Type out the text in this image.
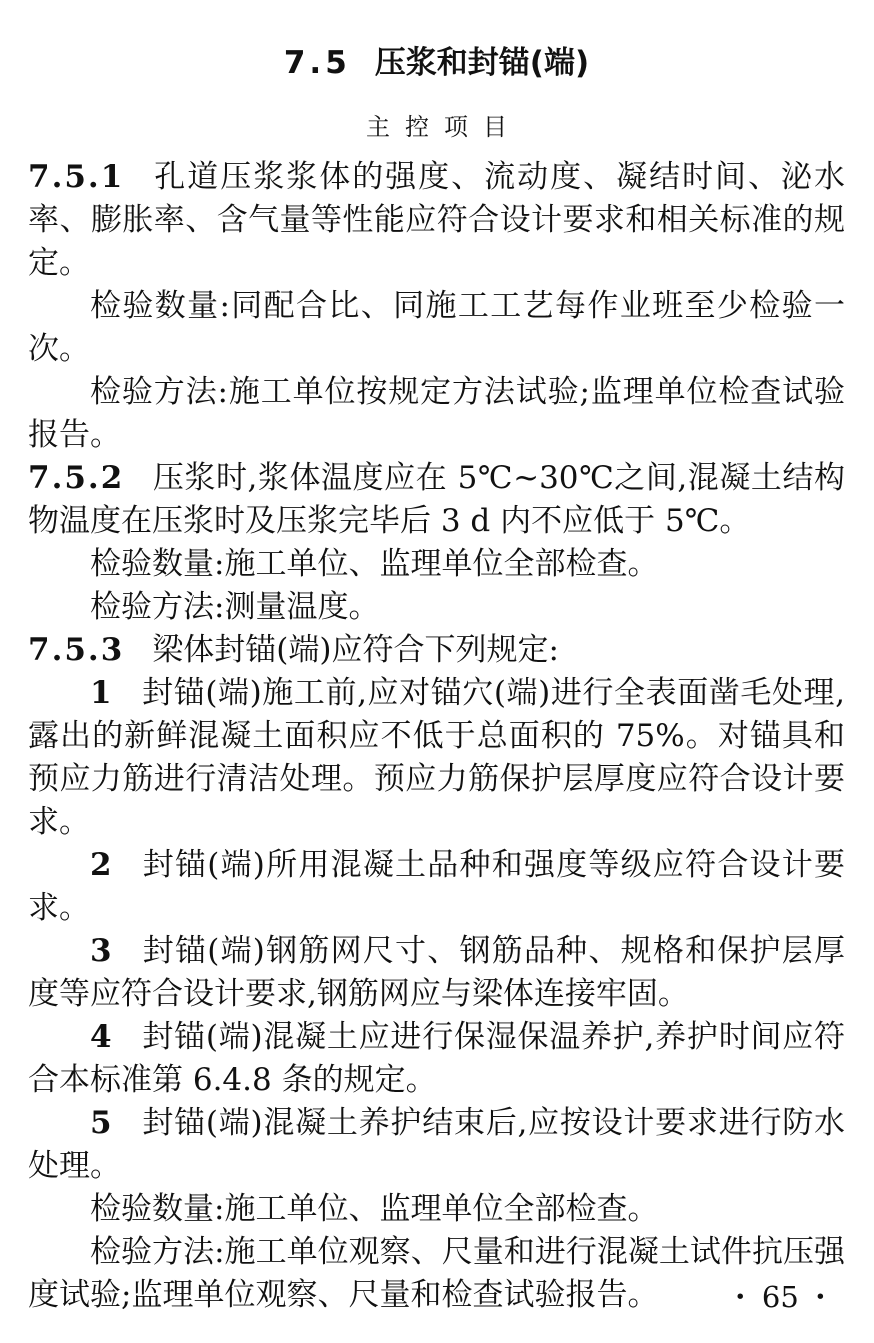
7.5 压浆和封锚(端)
主控项目

7.5.1 孔道压浆浆体的强度、流动度、凝结时间、泌水率、膨胀率、含气量等性能应符合设计要求和相关标准的规定。

检验数量:同配合比、同施工工艺每作业班至少检验一次。

检验方法:施工单位按规定方法试验;监理单位检查试验报告。

7.5.2 压浆时,浆体温度应在 5℃~30℃之间,混凝土结构物温度在压浆时及压浆完毕后 3 d 内不应低于 5℃。

检验数量:施工单位、监理单位全部检查。

检验方法:测量温度。

7.5.3 梁体封锚(端)应符合下列规定:

1 封锚(端)施工前,应对锚穴(端)进行全表面凿毛处理,露出的新鲜混凝土面积应不低于总面积的 75%。对锚具和预应力筋进行清洁处理。预应力筋保护层厚度应符合设计要求。

2 封锚(端)所用混凝土品种和强度等级应符合设计要求。

3 封锚(端)钢筋网尺寸、钢筋品种、规格和保护层厚度等应符合设计要求,钢筋网应与梁体连接牢固。

4 封锚(端)混凝土应进行保湿保温养护,养护时间应符合本标准第 6.4.8 条的规定。

5 封锚(端)混凝土养护结束后,应按设计要求进行防水处理。

检验数量:施工单位、监理单位全部检查。

检验方法:施工单位观察、尺量和进行混凝土试件抗压强度试验;监理单位观察、尺量和检查试验报告。	• 65 •
